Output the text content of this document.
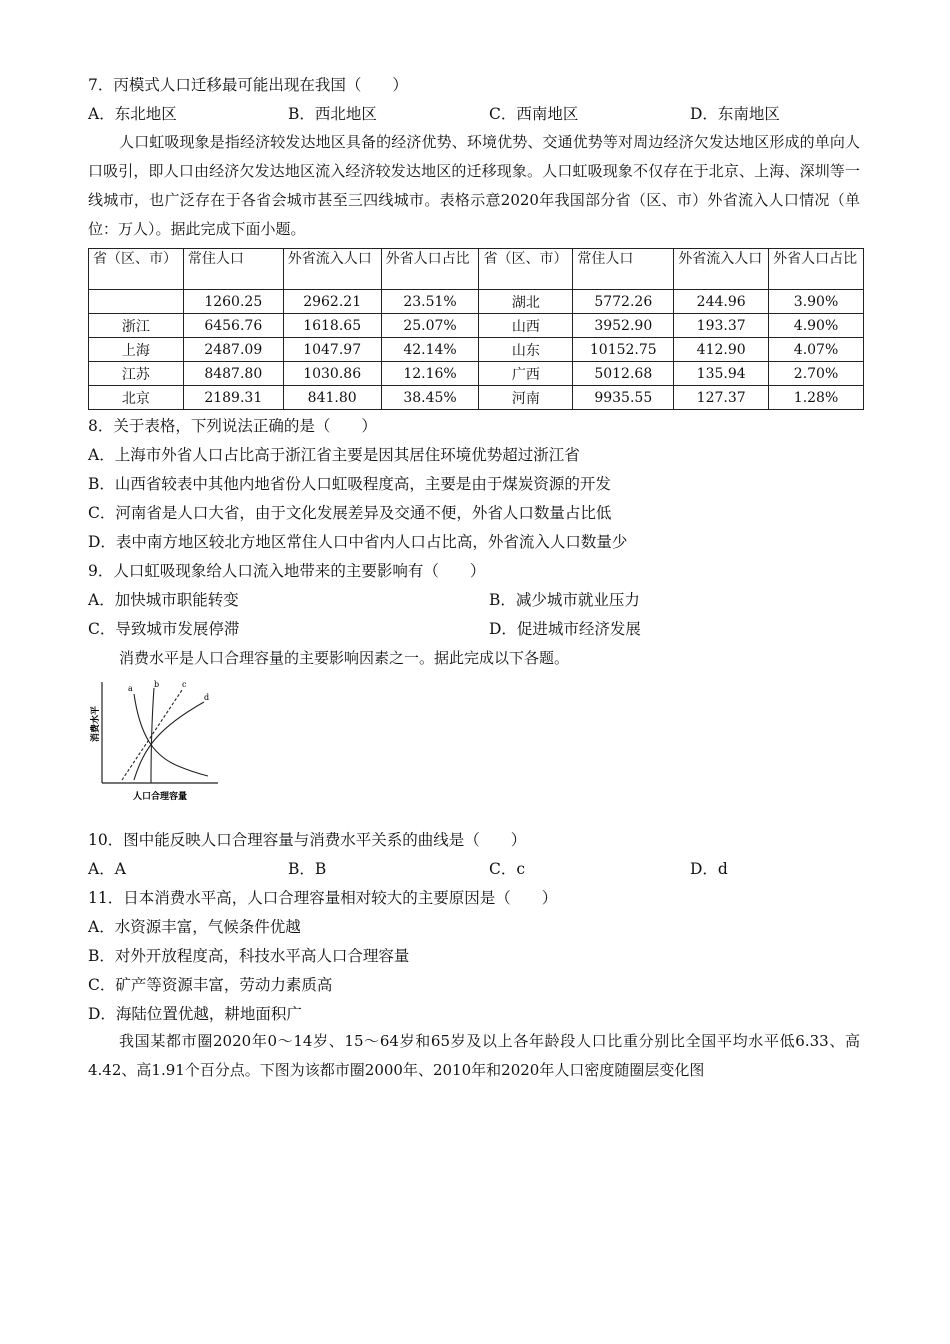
7．丙模式人口迁移最可能出现在我国（　　）
A．东北地区	B．西北地区	C．西南地区	D．东南地区
人口虹吸现象是指经济较发达地区具备的经济优势、环境优势、交通优势等对周边经济欠发达地区形成的单向人口吸引，即人口由经济欠发达地区流入经济较发达地区的迁移现象。人口虹吸现象不仅存在于北京、上海、深圳等一线城市，也广泛存在于各省会城市甚至三四线城市。表格示意2020年我国部分省（区、市）外省流入人口情况（单位：万人）。据此完成下面小题。
省（区、市）	常住人口	外省流入人口	外省人口占比	省（区、市）	常住人口	外省流入人口	外省人口占比
	1260.25	2962.21	23.51%	湖北	5772.26	244.96	3.90%
浙江	6456.76	1618.65	25.07%	山西	3952.90	193.37	4.90%
上海	2487.09	1047.97	42.14%	山东	10152.75	412.90	4.07%
江苏	8487.80	1030.86	12.16%	广西	5012.68	135.94	2.70%
北京	2189.31	841.80	38.45%	河南	9935.55	127.37	1.28%
8．关于表格，下列说法正确的是（　　）
A．上海市外省人口占比高于浙江省主要是因其居住环境优势超过浙江省
B．山西省较表中其他内地省份人口虹吸程度高，主要是由于煤炭资源的开发
C．河南省是人口大省，由于文化发展差异及交通不便，外省人口数量占比低
D．表中南方地区较北方地区常住人口中省内人口占比高，外省流入人口数量少
9．人口虹吸现象给人口流入地带来的主要影响有（　　）
A．加快城市职能转变	B．减少城市就业压力
C．导致城市发展停滞	D．促进城市经济发展
消费水平是人口合理容量的主要影响因素之一。据此完成以下各题。
消费水平
人口合理容量
a	b	c
d
10．图中能反映人口合理容量与消费水平关系的曲线是（　　）
A．A	B．B	C．c	D．d
11．日本消费水平高，人口合理容量相对较大的主要原因是（　　）
A．水资源丰富，气候条件优越
B．对外开放程度高，科技水平高人口合理容量
C．矿产等资源丰富，劳动力素质高
D．海陆位置优越，耕地面积广
我国某都市圈2020年0～14岁、15～64岁和65岁及以上各年龄段人口比重分别比全国平均水平低6.33、高4.42、高1.91个百分点。下图为该都市圈2000年、2010年和2020年人口密度随圈层变化图
